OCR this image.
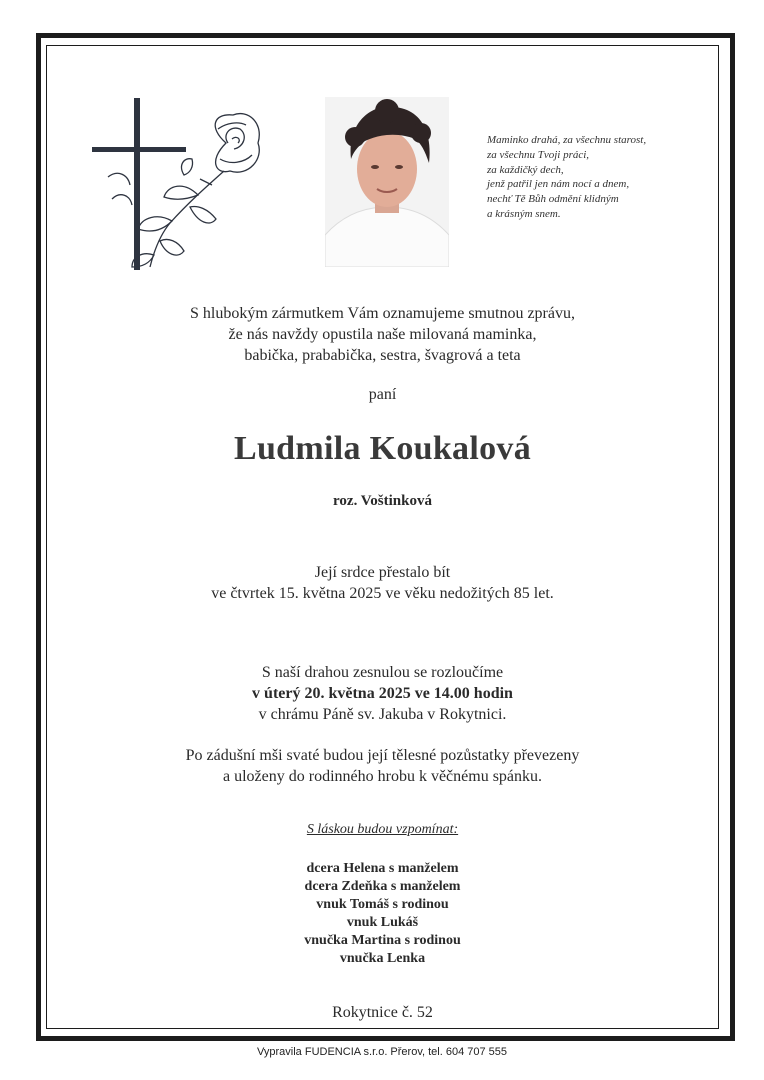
Maminko drahá, za všechnu starost,
za všechnu Tvoji práci,
za každičký dech,
jenž patřil jen nám nocí a dnem,
nechť Tě Bůh odmění klidným
a krásným snem.
S hlubokým zármutkem Vám oznamujeme smutnou zprávu,
že nás navždy opustila naše milovaná maminka,
babička, prababička, sestra, švagrová a teta
paní
Ludmila Koukalová
roz. Voštinková
Její srdce přestalo bít
ve čtvrtek 15. května 2025 ve věku nedožitých 85 let.
S naší drahou zesnulou se rozloučíme
v úterý 20. května 2025 ve 14.00 hodin
v chrámu Páně sv. Jakuba v Rokytnici.
Po zádušní mši svaté budou její tělesné pozůstatky převezeny
a uloženy do rodinného hrobu k věčnému spánku.
S láskou budou vzpomínat:
dcera Helena s manželem
dcera Zdeňka s manželem
vnuk Tomáš s rodinou
vnuk Lukáš
vnučka Martina s rodinou
vnučka Lenka
Rokytnice č. 52
Vypravila FUDENCIA s.r.o. Přerov, tel. 604 707 555
